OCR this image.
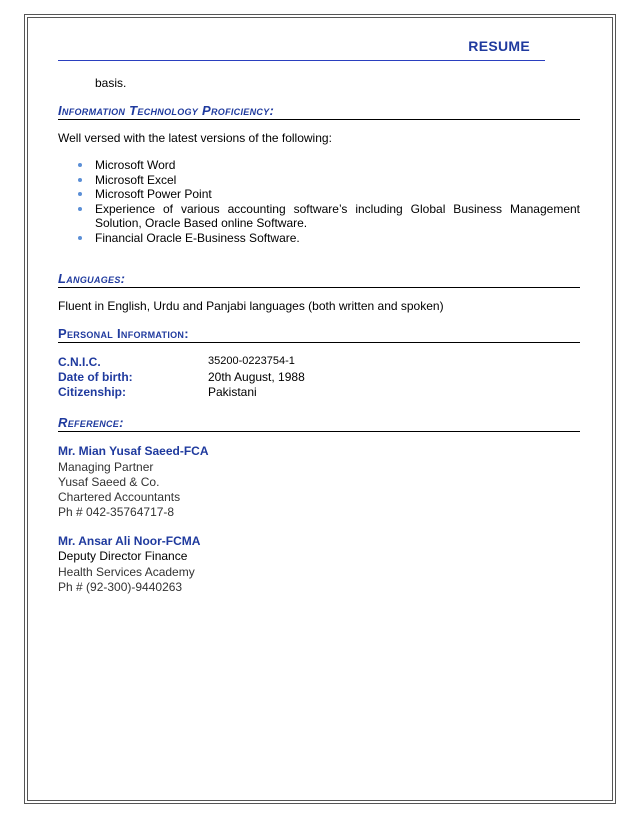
RESUME
basis.
Information Technology Proficiency:
Well versed with the latest versions of the following:
Microsoft Word
Microsoft Excel
Microsoft Power Point
Experience of various accounting software’s including Global Business Management Solution, Oracle Based online Software.
Financial Oracle E-Business Software.
Languages:
Fluent in English, Urdu and Panjabi languages (both written and spoken)
Personal Information:
C.N.I.C.	35200-0223754-1
Date of birth:	20th August, 1988
Citizenship:	Pakistani
Reference:
Mr. Mian Yusaf Saeed-FCA
Managing Partner
Yusaf Saeed & Co.
Chartered Accountants
Ph # 042-35764717-8
Mr. Ansar Ali Noor-FCMA
Deputy Director Finance
Health Services Academy
Ph # (92-300)-9440263
